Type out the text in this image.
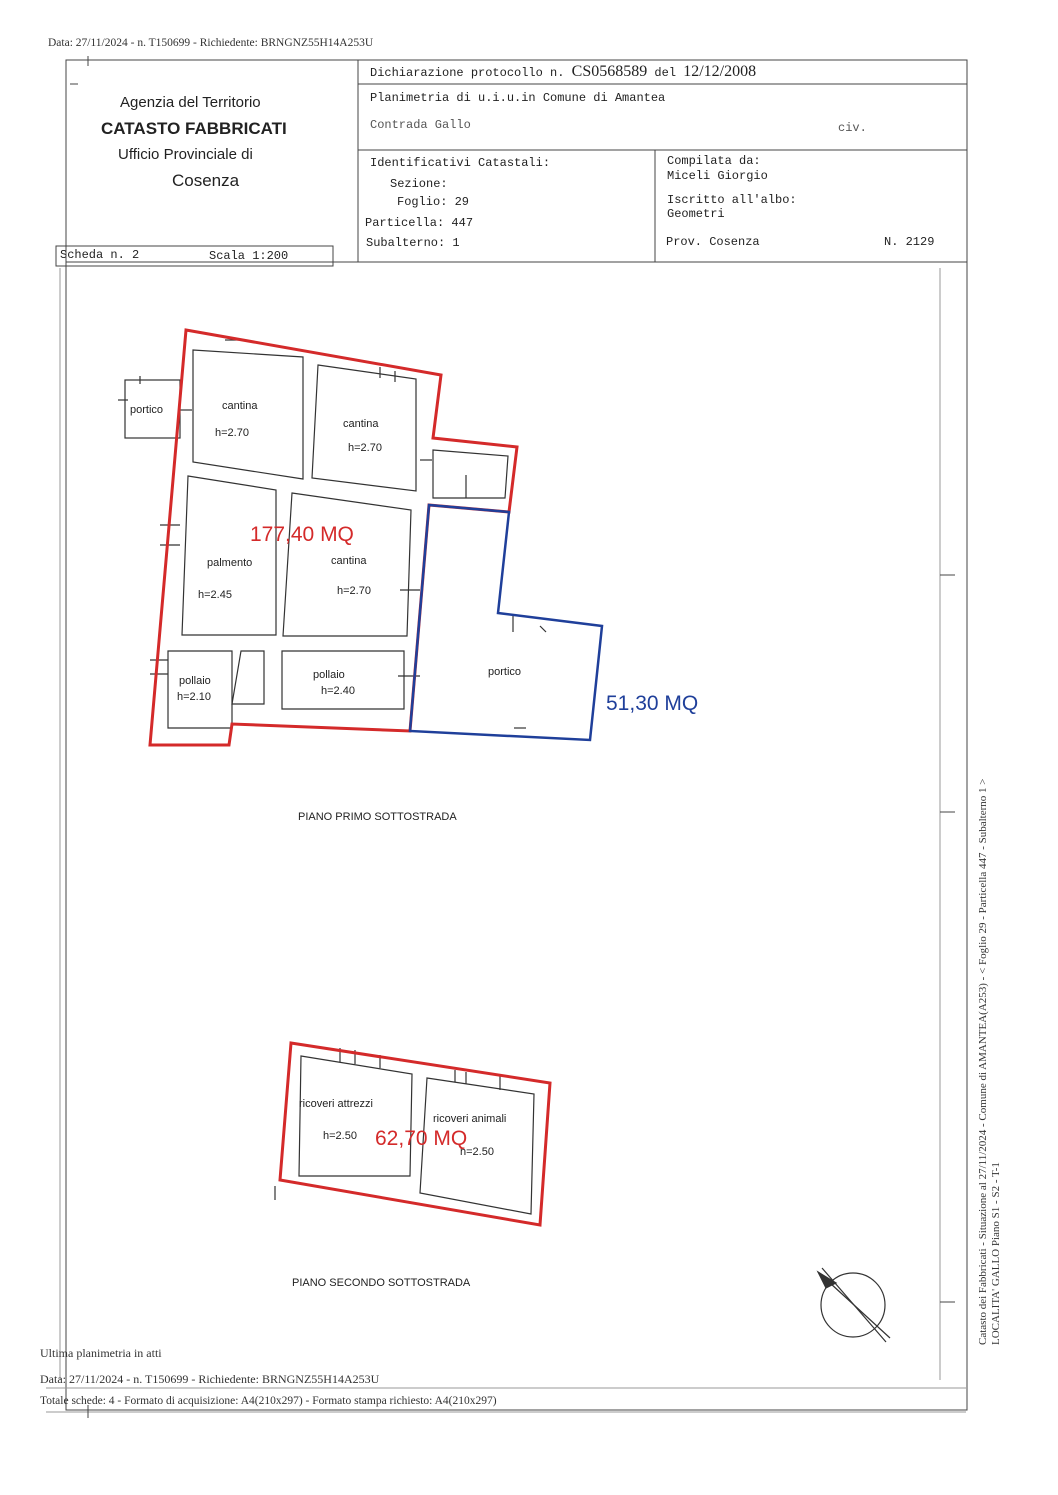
Data: 27/11/2024 - n. T150699 - Richiedente: BRNGNZ55H14A253U
Agenzia del Territorio
CATASTO FABBRICATI
Ufficio Provinciale di
Cosenza
Dichiarazione protocollo n. CS0568589 del 12/12/2008
Planimetria di u.i.u.in Comune di Amantea
Contrada Gallo	civ.
Identificativi Catastali:
Sezione:
Foglio: 29
Particella: 447
Subalterno: 1
Compilata da:
Miceli Giorgio
Iscritto all'albo:
Geometri
Prov. Cosenza	N. 2129
Scheda n. 2	Scala 1:200
portico	cantina
h=2.70
cantina
h=2.70
palmento
h=2.45
cantina
h=2.70
pollaio
h=2.10
pollaio
h=2.40
portico
177,40 MQ
51,30 MQ
PIANO PRIMO SOTTOSTRADA
ricoveri attrezzi
h=2.50
ricoveri animali
h=2.50
62,70 MQ
PIANO SECONDO SOTTOSTRADA	Catasto dei Fabbricati - Situazione al 27/11/2024 - Comune di AMANTEA(A253) - < Foglio 29 - Particella 447 - Subalterno 1 > LOCALITA' GALLO Piano S1 - S2 - T-1
Ultima planimetria in atti
Data: 27/11/2024 - n. T150699 - Richiedente: BRNGNZ55H14A253U
Totale schede: 4 - Formato di acquisizione: A4(210x297) - Formato stampa richiesto: A4(210x297)
